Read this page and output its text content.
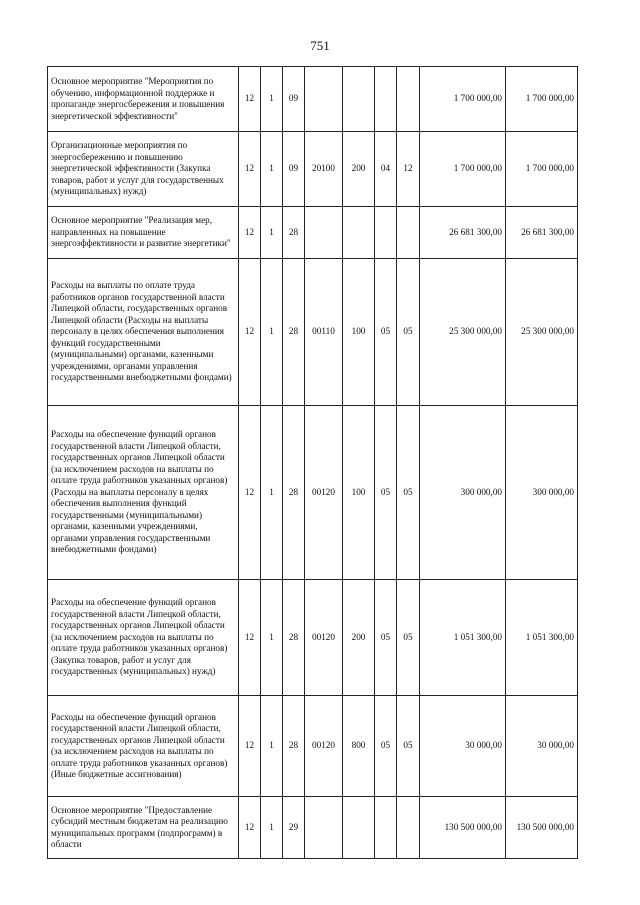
751
Основное мероприятие "Мероприятия по обучению, информационной поддержке и пропаганде энергосбережения и повышения энергетической эффективности"	12	1	09					1 700 000,00	1 700 000,00
Организационные мероприятия по энергосбережению и повышению энергетической эффективности (Закупка товаров, работ и услуг для государственных (муниципальных) нужд)	12	1	09	20100	200	04	12	1 700 000,00	1 700 000,00
Основное мероприятие "Реализация мер, направленных на повышение энергоэффективности и развитие энергетики"	12	1	28					26 681 300,00	26 681 300,00
Расходы на выплаты по оплате труда работников органов государственной власти Липецкой области, государственных органов Липецкой области (Расходы на выплаты персоналу в целях обеспечения выполнения функций государственными (муниципальными) органами, казенными учреждениями, органами управления государственными внебюджетными фондами)	12	1	28	00110	100	05	05	25 300 000,00	25 300 000,00
Расходы на обеспечение функций органов государственной власти Липецкой области, государственных органов Липецкой области (за исключением расходов на выплаты по оплате труда работников указанных органов) (Расходы на выплаты персоналу в целях обеспечения выполнения функций государственными (муниципальными) органами, казенными учреждениями, органами управления государственными внебюджетными фондами)	12	1	28	00120	100	05	05	300 000,00	300 000,00
Расходы на обеспечение функций органов государственной власти Липецкой области, государственных органов Липецкой области (за исключением расходов на выплаты по оплате труда работников указанных органов) (Закупка товаров, работ и услуг для государственных (муниципальных) нужд)	12	1	28	00120	200	05	05	1 051 300,00	1 051 300,00
Расходы на обеспечение функций органов государственной власти Липецкой области, государственных органов Липецкой области (за исключением расходов на выплаты по оплате труда работников указанных органов) (Иные бюджетные ассигнования)	12	1	28	00120	800	05	05	30 000,00	30 000,00
Основное мероприятие "Предоставление субсидий местным бюджетам на реализацию муниципальных программ (подпрограмм) в области	12	1	29					130 500 000,00	130 500 000,00
